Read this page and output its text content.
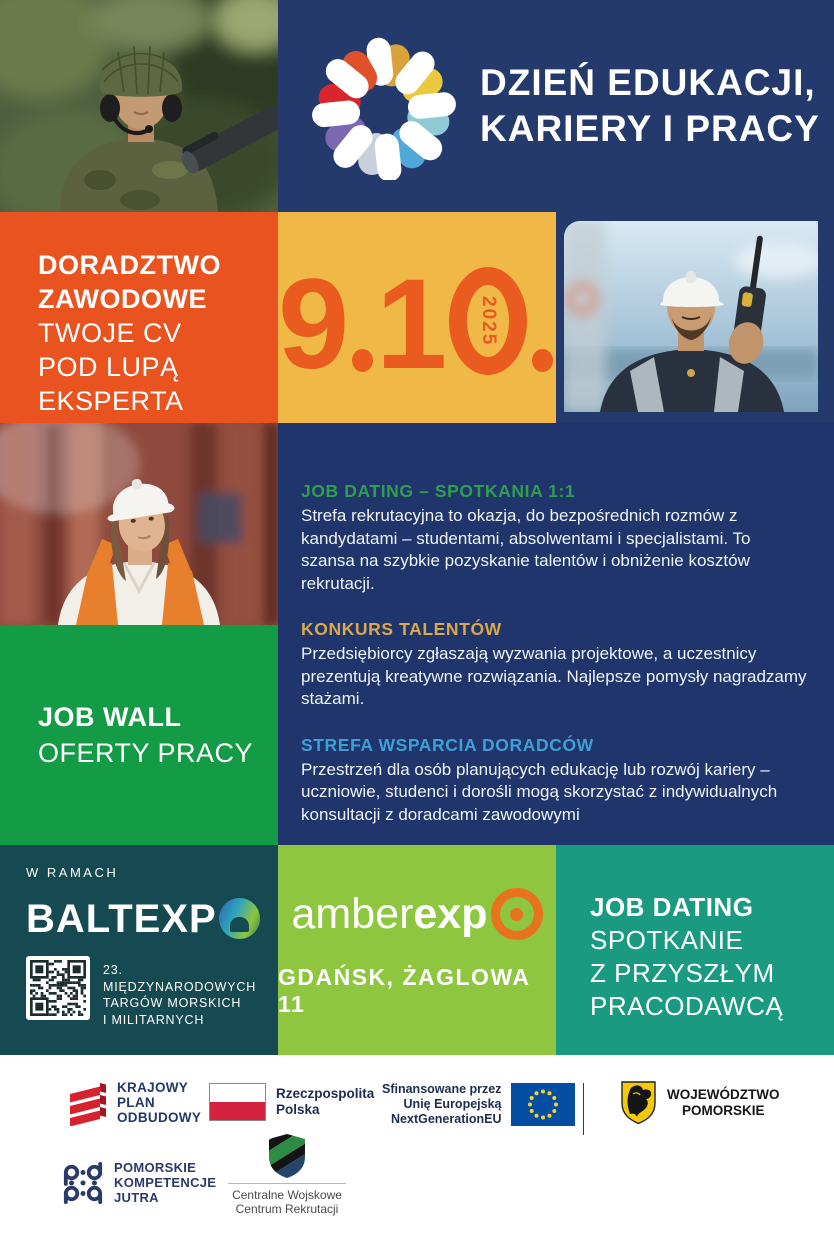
DZIEŃ EDUKACJI,
KARIERY I PRACY
DORADZTWO
ZAWODOWE
TWOJE CV
POD LUPĄ
EKSPERTA
9 1 2025
JOB DATING – SPOTKANIA 1:1
Strefa rekrutacyjna to okazja, do bezpośrednich rozmów z kandydatami – studentami, absolwentami i specjalistami. To szansa na szybkie pozyskanie talentów i obniżenie kosztów rekrutacji.
KONKURS TALENTÓW
Przedsiębiorcy zgłaszają wyzwania projektowe, a uczestnicy prezentują kreatywne rozwiązania. Najlepsze pomysły nagradzamy stażami.
STREFA WSPARCIA DORADCÓW
Przestrzeń dla osób planujących edukację lub rozwój kariery – uczniowie, studenci i dorośli mogą skorzystać z indywidualnych konsultacji z doradcami zawodowymi
JOB WALL
OFERTY PRACY
W RAMACH
BALTEXP
23. MIĘDZYNARODOWYCH
TARGÓW MORSKICH
I MILITARNYCH
amber exp
GDAŃSK, ŻAGLOWA 11
JOB DATING
SPOTKANIE
Z PRZYSZŁYM
PRACODAWCĄ
KRAJOWY
PLAN
ODBUDOWY
Rzeczpospolita
Polska
Sfinansowane przez
Unię Europejską
NextGenerationEU
WOJEWÓDZTWO
POMORSKIE
POMORSKIE
KOMPETENCJE
JUTRA	Centralne Wojskowe
Centrum Rekrutacji
